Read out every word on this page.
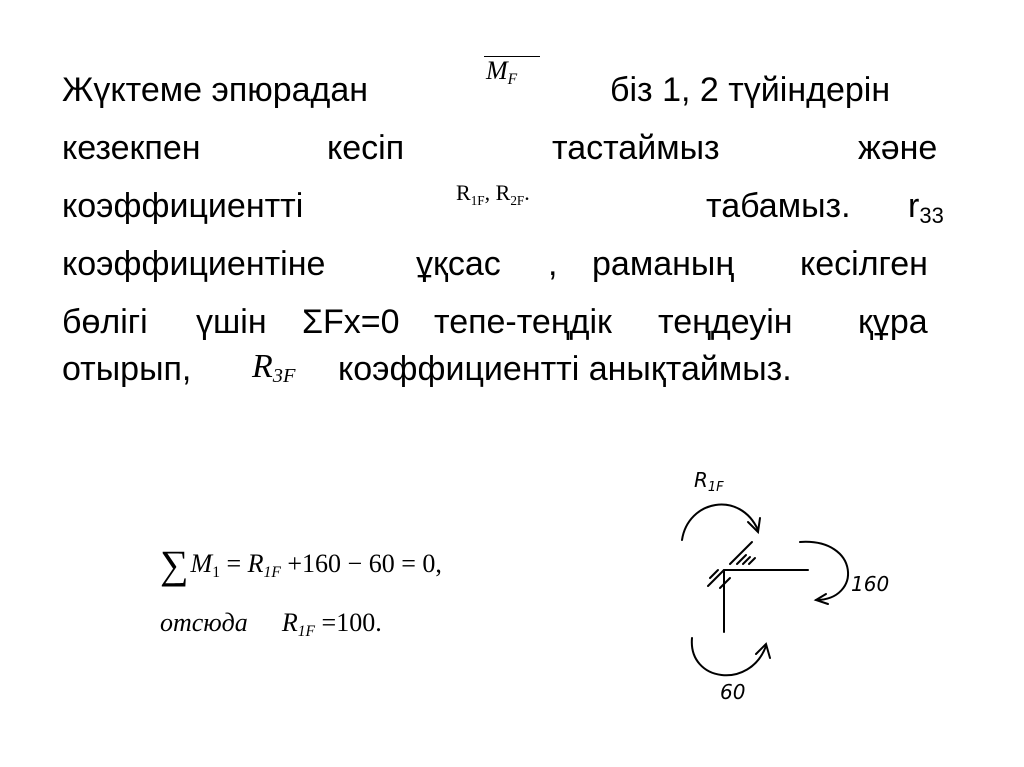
Жүктеме эпюрадан	біз 1, 2 түйіндерін
$M_F$
кезекпен	кесіп	тастаймыз	және
коэффициентті	табамыз. $r_{33}$
$R_{1F}$, $R_{2F}$.
коэффициентіне	ұқсас , раманың кесілген
бөлігі үшін ΣFx=0 тепе-теңдік теңдеуін құра
отырып,	коэффициентті анықтаймыз.
$R_{3F}$
$\sum M_1 = R_{1F} +160 - 60 = 0$,
отсюда $R_{1F} =100$.
$R_{1F}$
160
60
